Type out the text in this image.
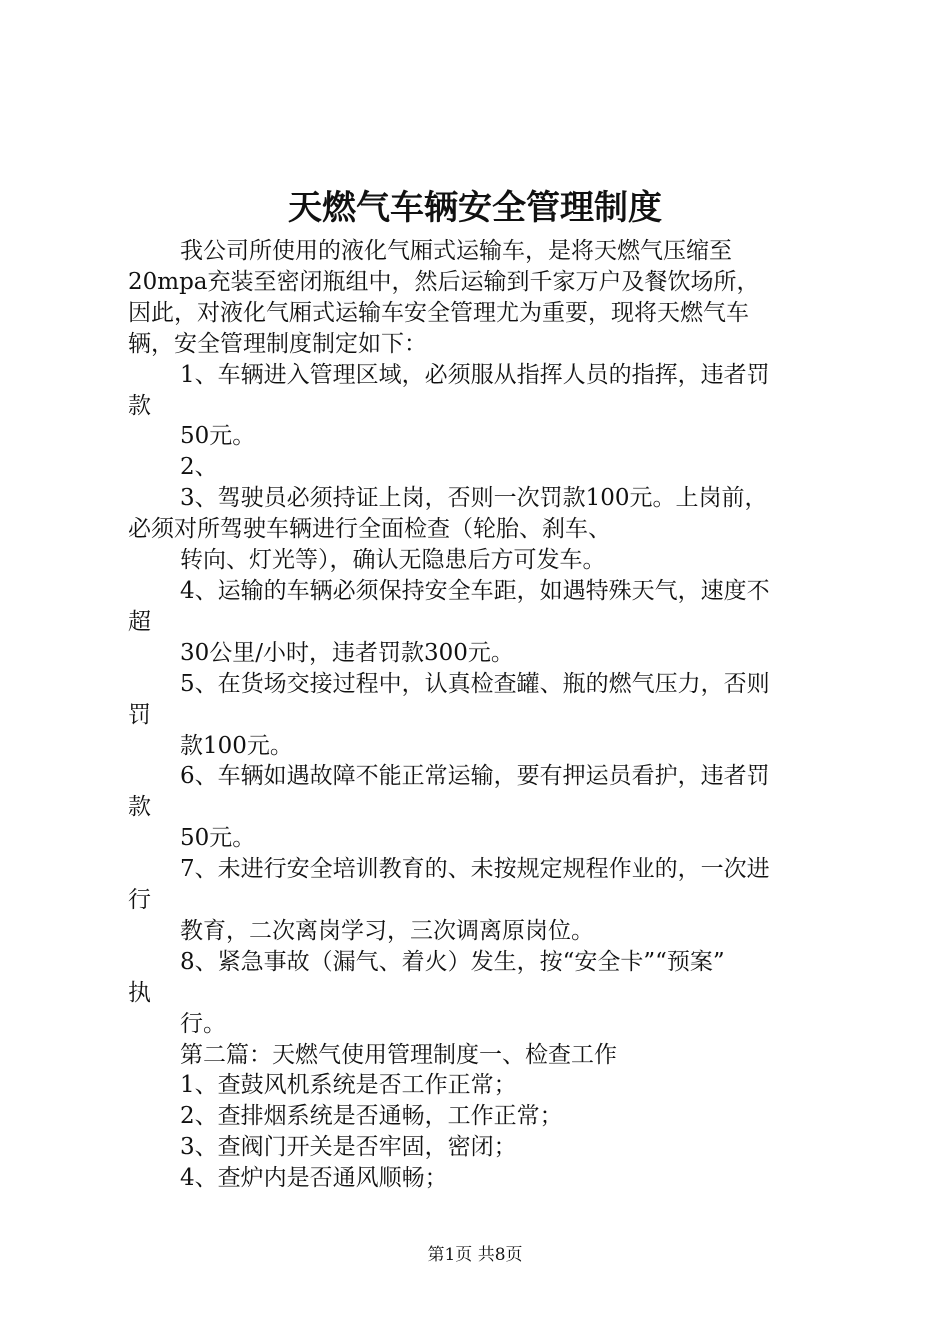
天燃气车辆安全管理制度

我公司所使用的液化气厢式运输车，是将天燃气压缩至

20mpa充装至密闭瓶组中，然后运输到千家万户及餐饮场所，

因此，对液化气厢式运输车安全管理尤为重要，现将天燃气车

辆，安全管理制度制定如下：

1、车辆进入管理区域，必须服从指挥人员的指挥，违者罚

款

50元。

2、

3、驾驶员必须持证上岗，否则一次罚款100元。上岗前，

必须对所驾驶车辆进行全面检查（轮胎、刹车、

转向、灯光等），确认无隐患后方可发车。

4、运输的车辆必须保持安全车距，如遇特殊天气，速度不

超

30公里/小时，违者罚款300元。

5、在货场交接过程中，认真检查罐、瓶的燃气压力，否则

罚

款100元。

6、车辆如遇故障不能正常运输，要有押运员看护，违者罚

款

50元。

7、未进行安全培训教育的、未按规定规程作业的，一次进

行

教育，二次离岗学习，三次调离原岗位。

8、紧急事故（漏气、着火）发生，按“安全卡”“预案”

执

行。

第二篇：天燃气使用管理制度一、检查工作

1、查鼓风机系统是否工作正常；

2、查排烟系统是否通畅，工作正常；

3、查阀门开关是否牢固，密闭；

4、查炉内是否通风顺畅；

第1页 共8页
